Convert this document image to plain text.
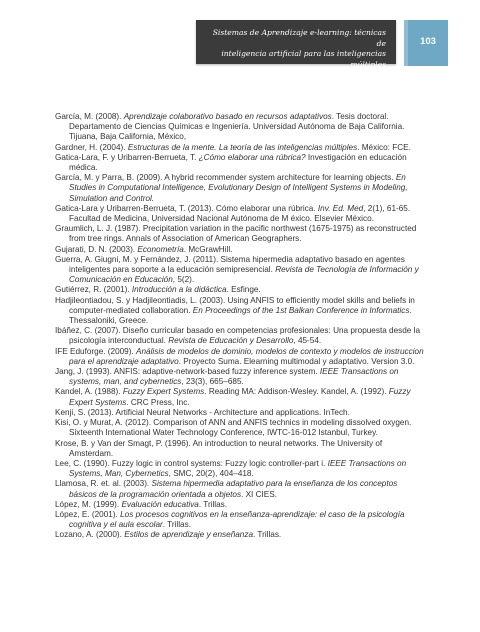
Sistemas de Aprendizaje e-learning: técnicas de
inteligencia artificial para las inteligencias múltiples
103

García, M. (2008). Aprendizaje colaborativo basado en recursos adaptativos. Tesis doctoral. Departamento de Ciencias Químicas e Ingeniería. Universidad Autónoma de Baja California. Tijuana, Baja California, México,

Gardner, H. (2004). Estructuras de la mente. La teoría de las inteligencias múltiples. México: FCE.

Gatica-Lara, F. y Uribarren-Berrueta, T. ¿Cómo elaborar una rúbrica? Investigación en educación médica.

García, M. y Parra, B. (2009). A hybrid recommender system architecture for learning objects. En Studies in Computational Intelligence, Evolutionary Design of Intelligent Systems in Modeling, Simulation and Control.

Gatica-Lara y Uribarren-Berrueta, T. (2013). Cómo elaborar una rúbrica. Inv. Ed. Med, 2(1), 61-65. Facultad de Medicina, Universidad Nacional Autónoma de M éxico. Elsevier México.

Graumlich, L. J. (1987). Precipitation variation in the pacific northwest (1675-1975) as reconstructed from tree rings. Annals of Association of American Geographers.

Gujarati, D. N. (2003). Econometría. McGrawHill.

Guerra, A. Giugni, M. y Fernández, J. (2011). Sistema hipermedia adaptativo basado en agentes inteligentes para soporte a la educación semipresencial. Revista de Tecnología de Información y Comunicación en Educación, 5(2).

Gutiérrez, R. (2001). Introducción a la didáctica. Esfinge.

Hadjileontiadou, S. y Hadjileontiadis, L. (2003). Using ANFIS to efficiently model skills and beliefs in computer-mediated collaboration. En Proceedings of the 1st Balkan Conference in Informatics. Thessaloniki, Greece.

Ibáñez, C. (2007). Diseño curricular basado en competencias profesionales: Una propuesta desde la psicología interconductual. Revista de Educación y Desarrollo, 45-54.

IFE Eduforge. (2009). Análisis de modelos de dominio, modelos de contexto y modelos de instruccion para el aprendizaje adaptativo. Proyecto Suma. Elearning multimodal y adaptativo. Version 3.0.

Jang, J. (1993). ANFIS: adaptive-network-based fuzzy inference system. IEEE Transactions on systems, man, and cybernetics, 23(3), 665–685.

Kandel, A. (1988). Fuzzy Expert Systems. Reading MA: Addison-Wesley. Kandel, A. (1992). Fuzzy Expert Systems. CRC Press, Inc.

Kenji, S. (2013). Artificial Neural Networks - Architecture and applications. InTech.

Kisi, O. y Murat, A. (2012). Comparison of ANN and ANFIS technics in modeling dissolved oxygen. Sixteenth International Water Technology Conference, IWTC-16-012 Istanbul, Turkey.

Krose, B. y Van der Smagt, P. (1996). An introduction to neural networks. The University of Amsterdam.

Lee, C. (1990). Fuzzy logic in control systems: Fuzzy logic controller-part i. IEEE Transactions on Systems, Man, Cybernetics, SMC, 20(2), 404–418.

Llamosa, R. et. al. (2003). Sistema hipermedia adaptativo para la enseñanza de los conceptos básicos de la programación orientada a objetos. XI CIES.

López, M. (1999). Evaluación educativa. Trillas.

López, E. (2001). Los procesos cognitivos en la enseñanza-aprendizaje: el caso de la psicología cognitiva y el aula escolar. Trillas.

Lozano, A. (2000). Estilos de aprendizaje y enseñanza. Trillas.
